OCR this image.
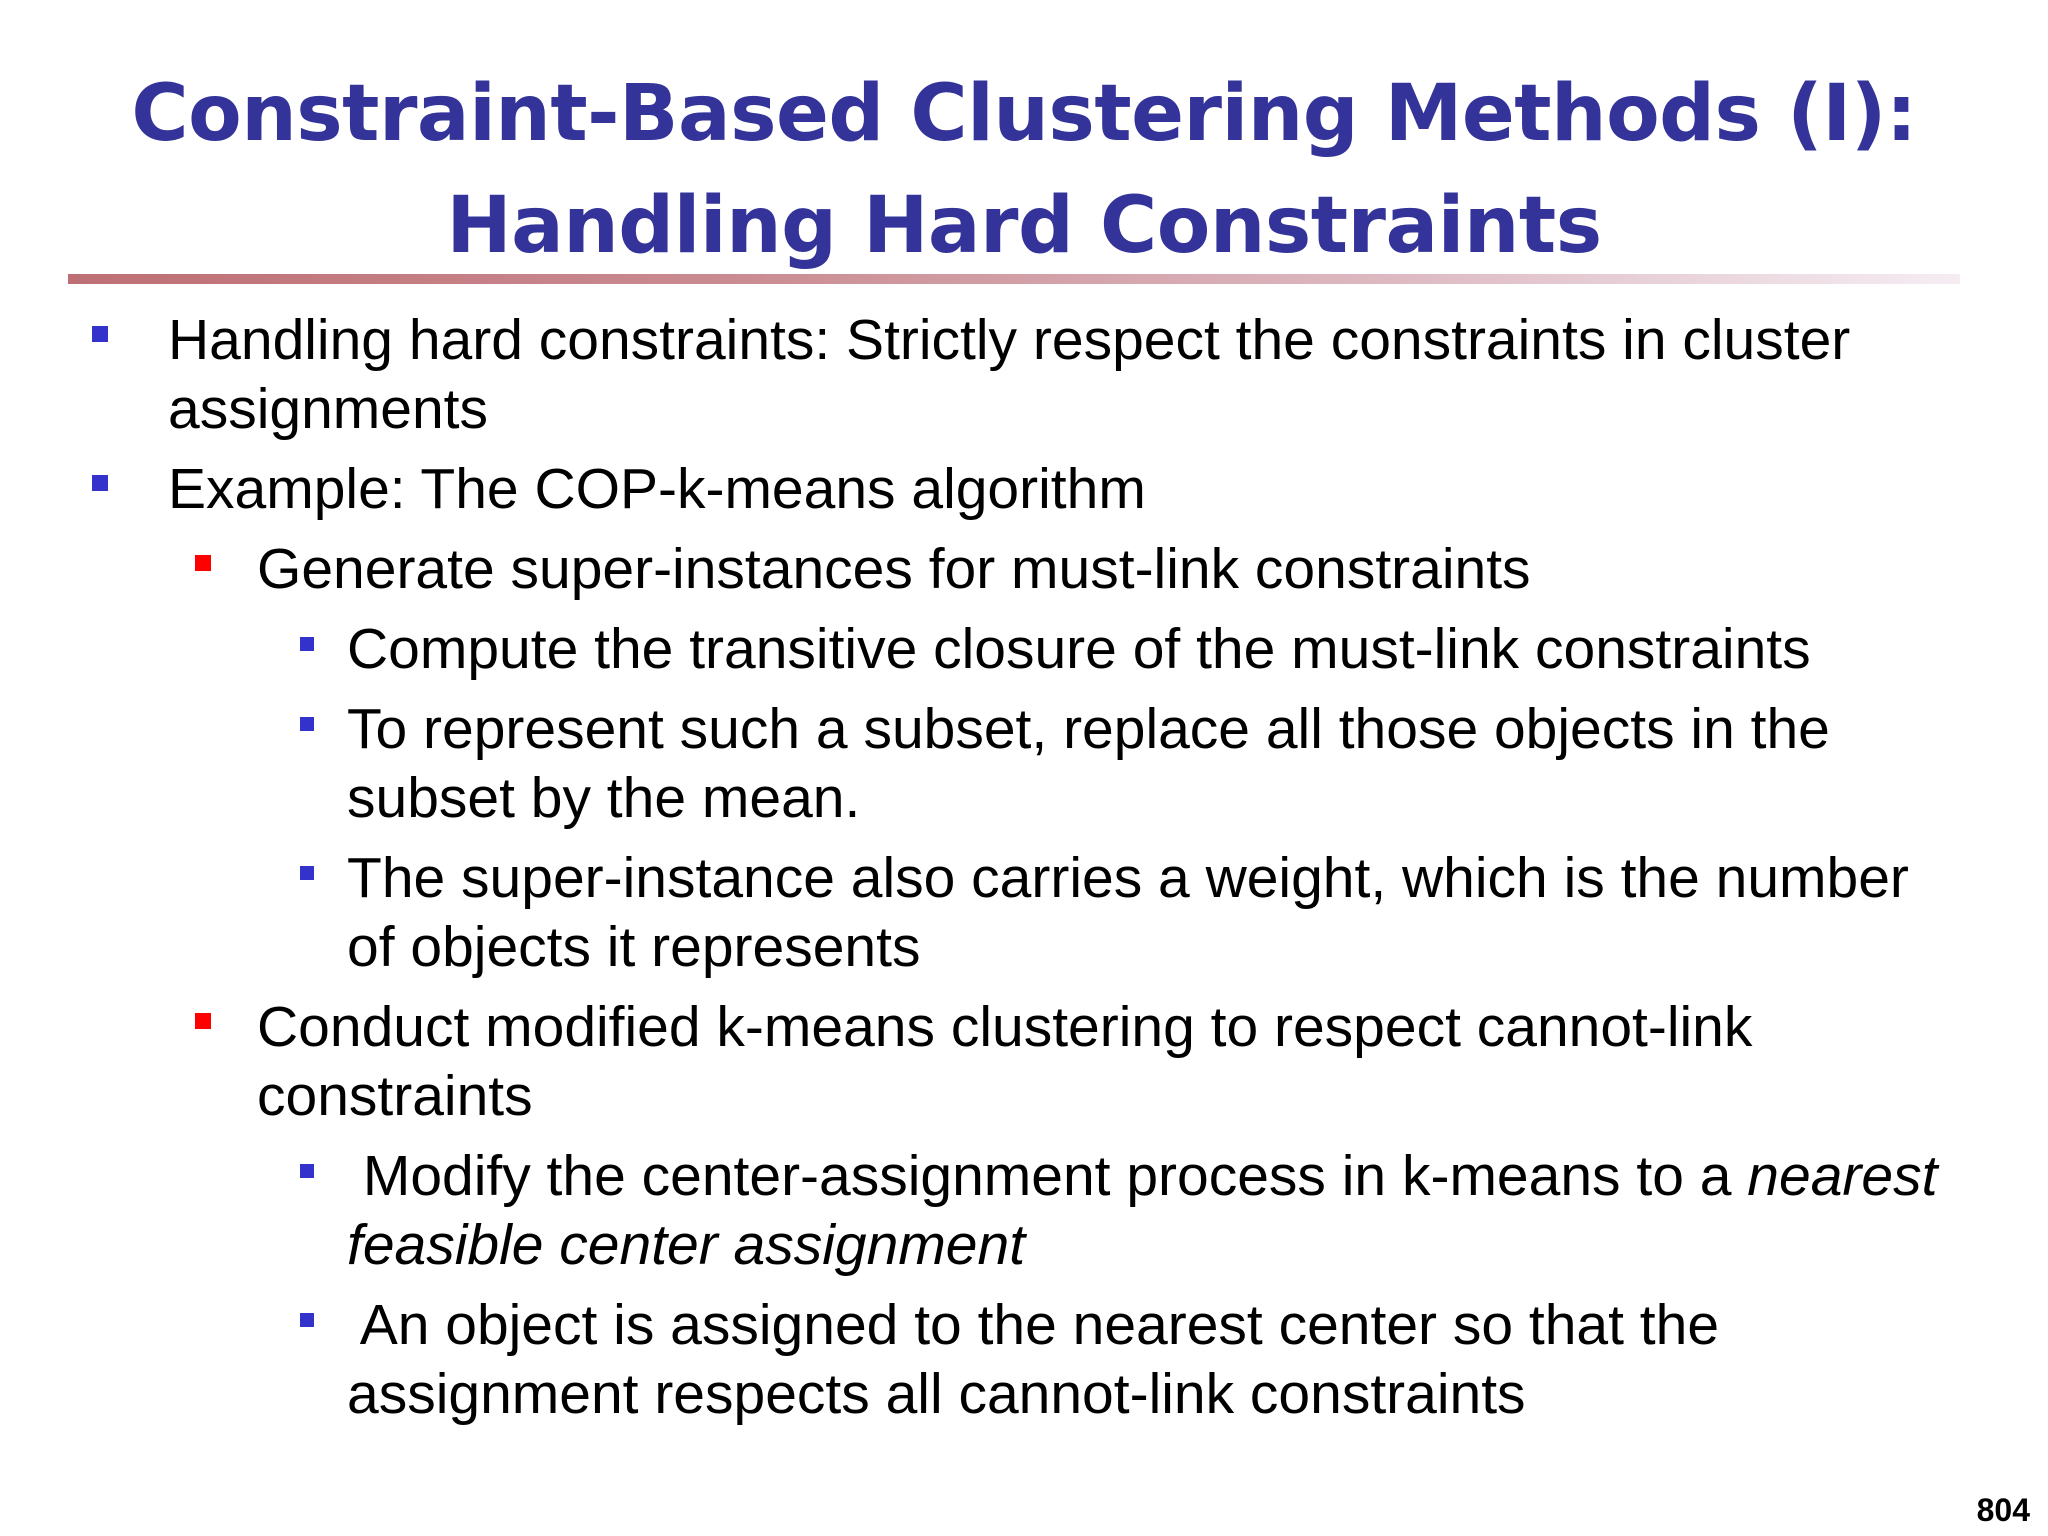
Constraint-Based Clustering Methods (I):
Handling Hard Constraints
Handling hard constraints: Strictly respect the constraints in cluster
assignments
Example: The COP-k-means algorithm
Generate super-instances for must-link constraints
Compute the transitive closure of the must-link constraints
To represent such a subset, replace all those objects in the
subset by the mean.
The super-instance also carries a weight, which is the number
of objects it represents
Conduct modified k-means clustering to respect cannot-link
constraints
Modify the center-assignment process in k-means to a nearest
feasible center assignment
An object is assigned to the nearest center so that the
assignment respects all cannot-link constraints
804
